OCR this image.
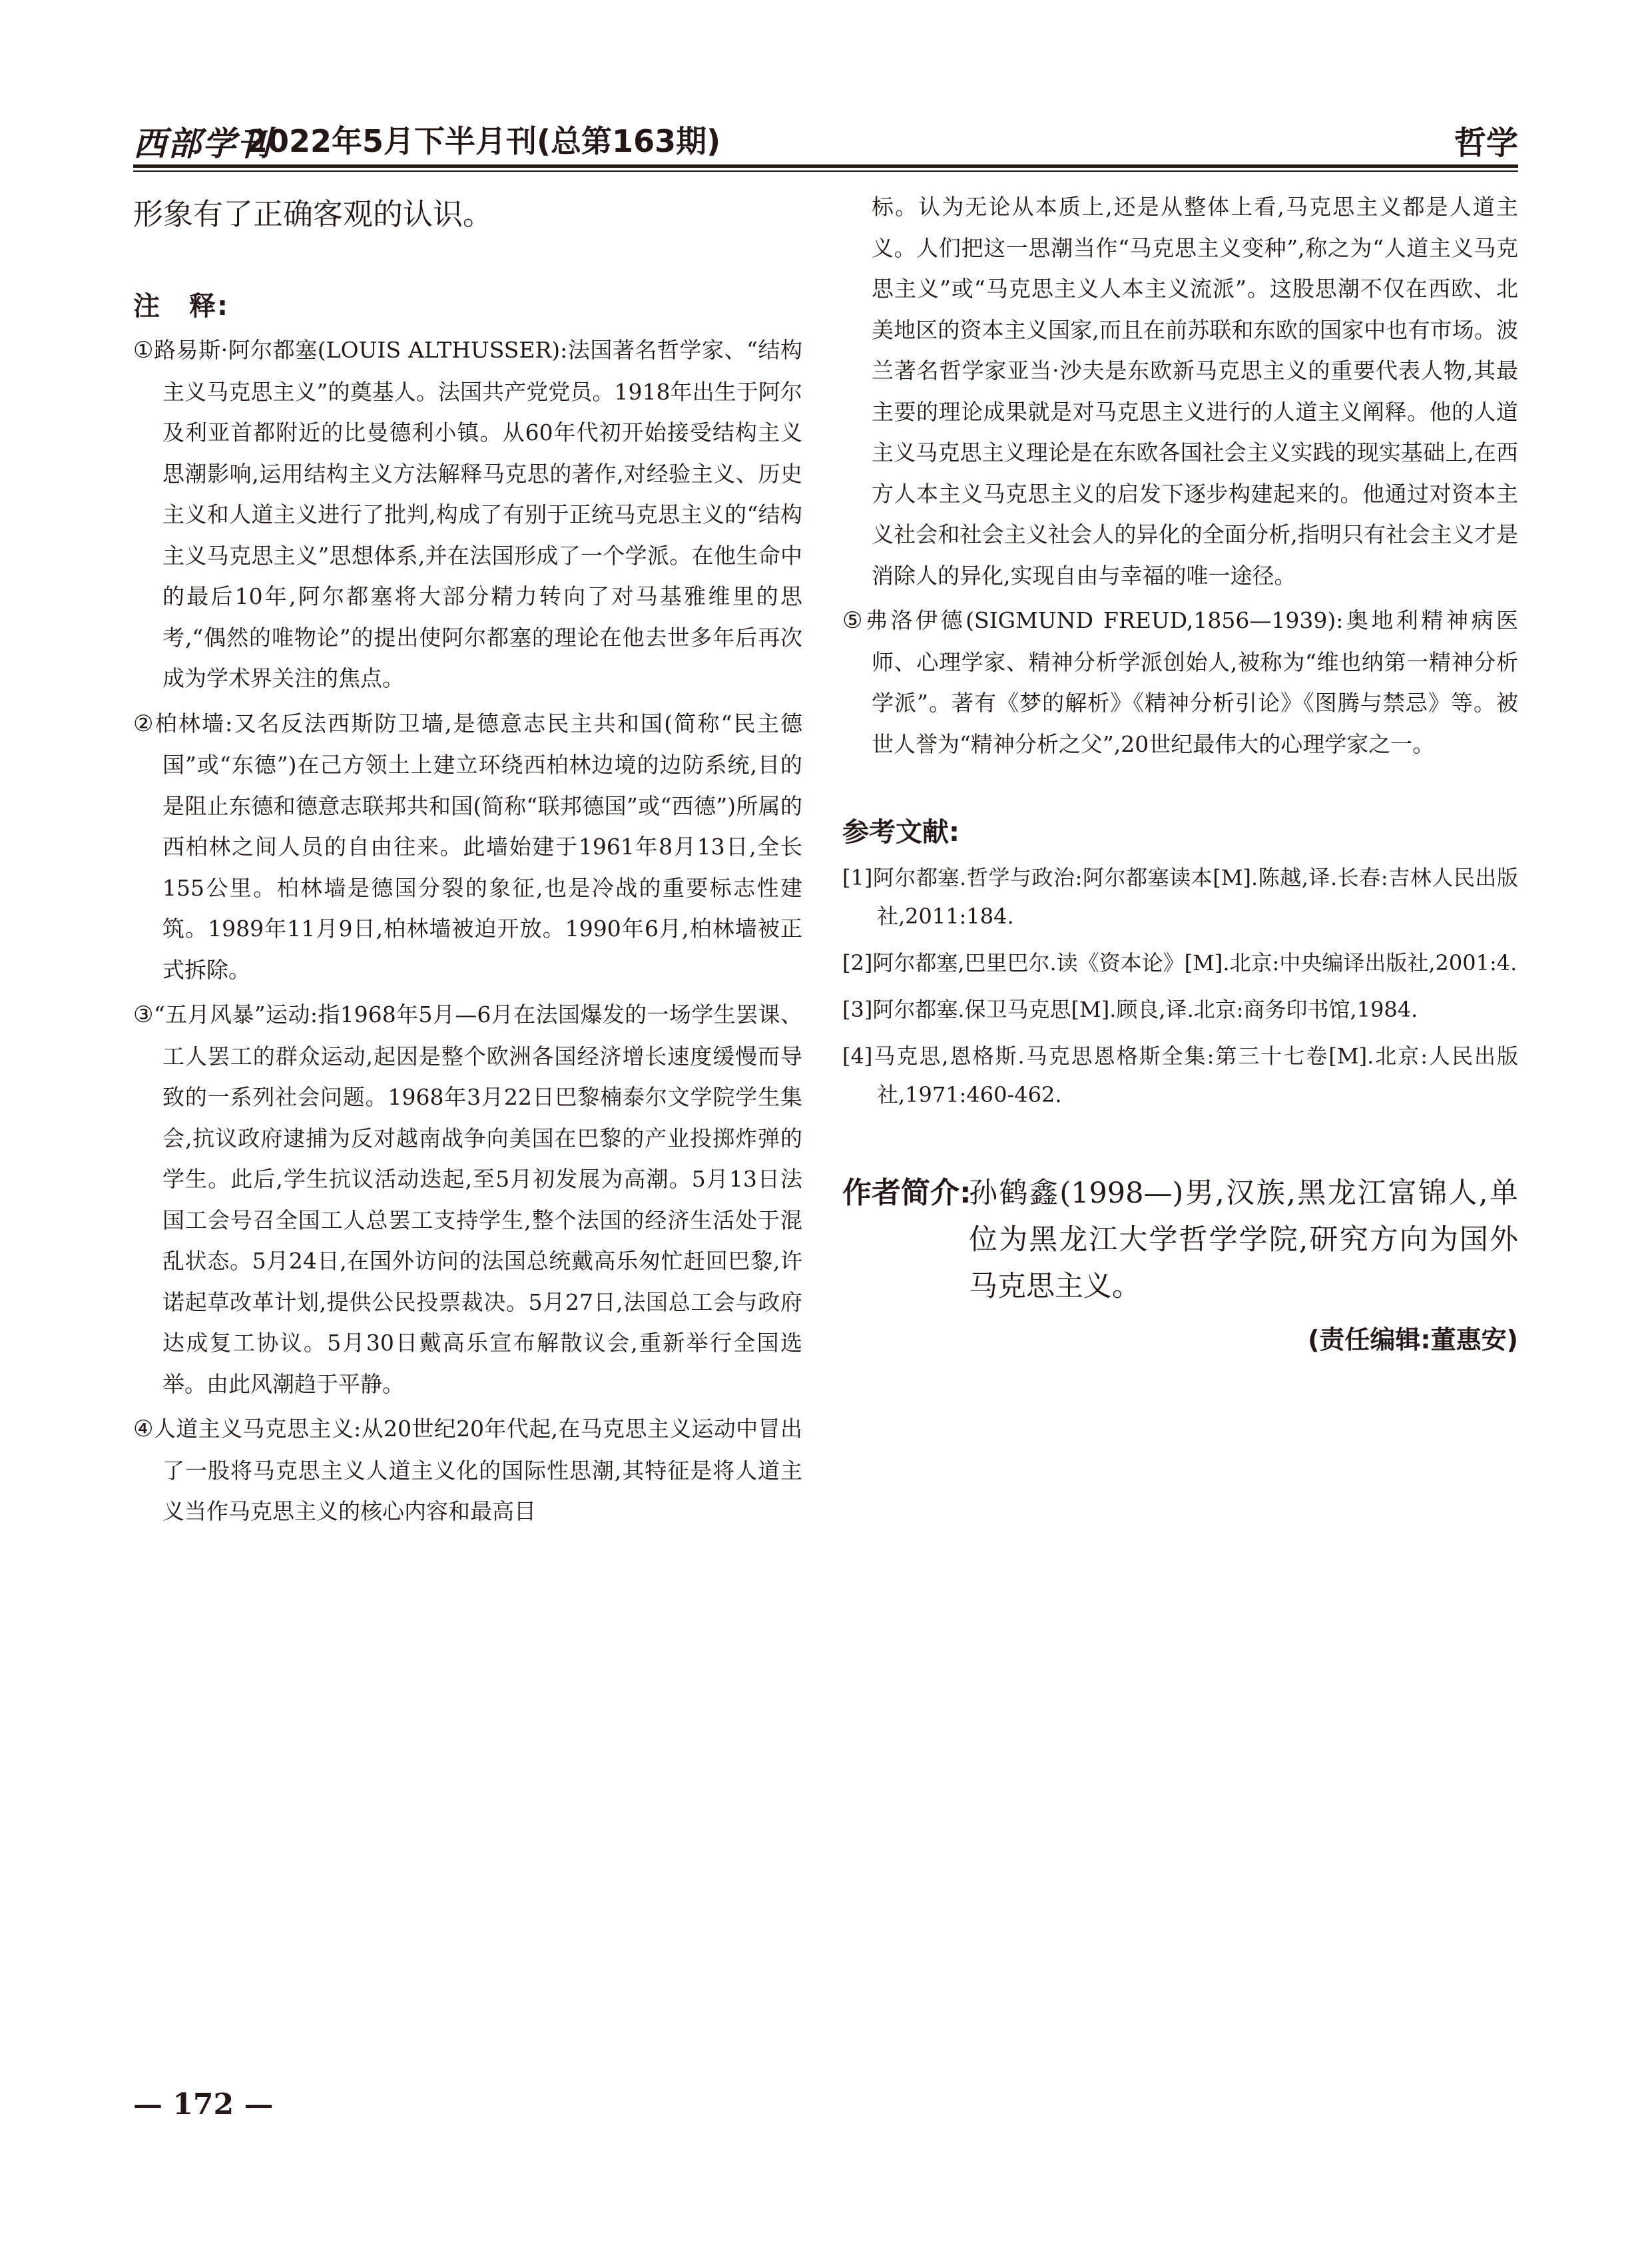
西部学刊
2022年5月下半月刊(总第163期)	哲学

形象有了正确客观的认识。

注　释:

①路易斯·阿尔都塞(LOUIS ALTHUSSER):法国著名哲学家、“结构主义马克思主义”的奠基人。法国共产党党员。1918年出生于阿尔及利亚首都附近的比曼德利小镇。从60年代初开始接受结构主义思潮影响,运用结构主义方法解释马克思的著作,对经验主义、历史主义和人道主义进行了批判,构成了有别于正统马克思主义的“结构主义马克思主义”思想体系,并在法国形成了一个学派。在他生命中的最后10年,阿尔都塞将大部分精力转向了对马基雅维里的思考,“偶然的唯物论”的提出使阿尔都塞的理论在他去世多年后再次成为学术界关注的焦点。

②柏林墙:又名反法西斯防卫墙,是德意志民主共和国(简称“民主德国”或“东德”)在己方领土上建立环绕西柏林边境的边防系统,目的是阻止东德和德意志联邦共和国(简称“联邦德国”或“西德”)所属的西柏林之间人员的自由往来。此墙始建于1961年8月13日,全长155公里。柏林墙是德国分裂的象征,也是冷战的重要标志性建筑。1989年11月9日,柏林墙被迫开放。1990年6月,柏林墙被正式拆除。

③“五月风暴”运动:指1968年5月—6月在法国爆发的一场学生罢课、工人罢工的群众运动,起因是整个欧洲各国经济增长速度缓慢而导致的一系列社会问题。1968年3月22日巴黎楠泰尔文学院学生集会,抗议政府逮捕为反对越南战争向美国在巴黎的产业投掷炸弹的学生。此后,学生抗议活动迭起,至5月初发展为高潮。5月13日法国工会号召全国工人总罢工支持学生,整个法国的经济生活处于混乱状态。5月24日,在国外访问的法国总统戴高乐匆忙赶回巴黎,许诺起草改革计划,提供公民投票裁决。5月27日,法国总工会与政府达成复工协议。5月30日戴高乐宣布解散议会,重新举行全国选举。由此风潮趋于平静。

④人道主义马克思主义:从20世纪20年代起,在马克思主义运动中冒出了一股将马克思主义人道主义化的国际性思潮,其特征是将人道主义当作马克思主义的核心内容和最高目

标。认为无论从本质上,还是从整体上看,马克思主义都是人道主义。人们把这一思潮当作“马克思主义变种”,称之为“人道主义马克思主义”或“马克思主义人本主义流派”。这股思潮不仅在西欧、北美地区的资本主义国家,而且在前苏联和东欧的国家中也有市场。波兰著名哲学家亚当·沙夫是东欧新马克思主义的重要代表人物,其最主要的理论成果就是对马克思主义进行的人道主义阐释。他的人道主义马克思主义理论是在东欧各国社会主义实践的现实基础上,在西方人本主义马克思主义的启发下逐步构建起来的。他通过对资本主义社会和社会主义社会人的异化的全面分析,指明只有社会主义才是消除人的异化,实现自由与幸福的唯一途径。

⑤弗洛伊德(SIGMUND FREUD,1856—1939):奥地利精神病医师、心理学家、精神分析学派创始人,被称为“维也纳第一精神分析学派”。著有《梦的解析》《精神分析引论》《图腾与禁忌》等。被世人誉为“精神分析之父”,20世纪最伟大的心理学家之一。

参考文献:

[1]阿尔都塞.哲学与政治:阿尔都塞读本[M].陈越,译.长春:吉林人民出版社,2011:184.

[2]阿尔都塞,巴里巴尔.读《资本论》[M].北京:中央编译出版社,2001:4.

[3]阿尔都塞.保卫马克思[M].顾良,译.北京:商务印书馆,1984.

[4]马克思,恩格斯.马克思恩格斯全集:第三十七卷[M].北京:人民出版社,1971:460-462.

作者简介:
孙鹤鑫(1998—)男,汉族,黑龙江富锦人,单位为黑龙江大学哲学学院,研究方向为国外马克思主义。
(责任编辑:董惠安)
— 172 —
